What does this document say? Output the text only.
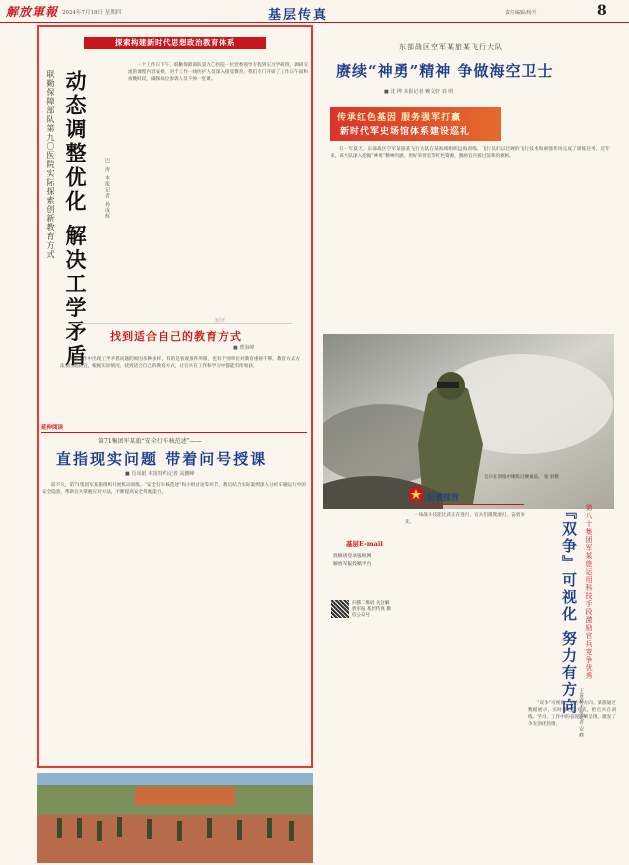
解放軍報 2024年7月18日 星期四	基层传真	责任编辑/杨升	8
探索构建新时代思想政治教育体系
联勤保障部队第九〇医院实际探索创新教育方式 动态调整优化 解决工学矛盾	巴 涛 本报记者 孙成辉

一个工作日下午，联勤保障部队第九〇医院一位党委领导专程到实习学研班，调研交流的课程内容安排，对于工作一线医护人员深入接受教育，我们专门开辟了工作日午间和夜晚时段，确保每位参训人员不掉一堂课。

短评
找到适合自己的教育方式
■ 曹海峰

实际工作中出现工学矛盾问题的原因多种多样，有的是客观条件所限，也有个别单位对教育重视不够。教育方式方法要因地制宜，根据实际情况，找到适合自己的教育方式，让官兵在工作和学习中都能有所收获。

延伸阅读
第71集团军某旅“安全行车核范述”——
直指现实问题 带着问号授课
■ 肖凤娟 本报特约记者 高鹏峰

前不久，第71集团军某旅组织开展机动训练。“安全行车核范述”和小组讨论等环节，教员结合实际案例深入分析车辆运行中的安全隐患，帮助官兵掌握应对方法，不断提高安全驾驶能力。

东部战区空军某旅某飞行大队
赓续“神勇”精神 争做海空卫士
■ 沈 博 本报记者 赖文轩 刘 明
传承红色基因 服务强军打赢
新时代军史场馆体系建设巡礼

有一年夏天，东部战区空军某旅某飞行大队在某海域组织远海训练，飞行员们以过硬的飞行技术和顽强作风完成了训练任务。近年来，该大队深入挖掘“神勇”精神内涵，用好荣誉室等红色资源，激励官兵接过前辈的旗帜。

官兵在训练中锤炼过硬素质。 张 羽摄
记者探营

一场战斗技能比武正在进行，官兵们摸爬滚打，奋勇争先。

基层E-mail
投稿请登录报纸网
解放军报投稿平台
扫描二维码 关注解放军报 基层传真 微信公众号	第八十集团军某旅运用科技手段激励官兵竞争优秀
『双争』可视化 努力有方向 王善嘉 本报记者 安 峰

“双争”可视化，努力有方向。某旅通过数据展示、实时排名等方式，把官兵在训练、学习、工作中的表现清晰呈现，激发了争先创优热情。
